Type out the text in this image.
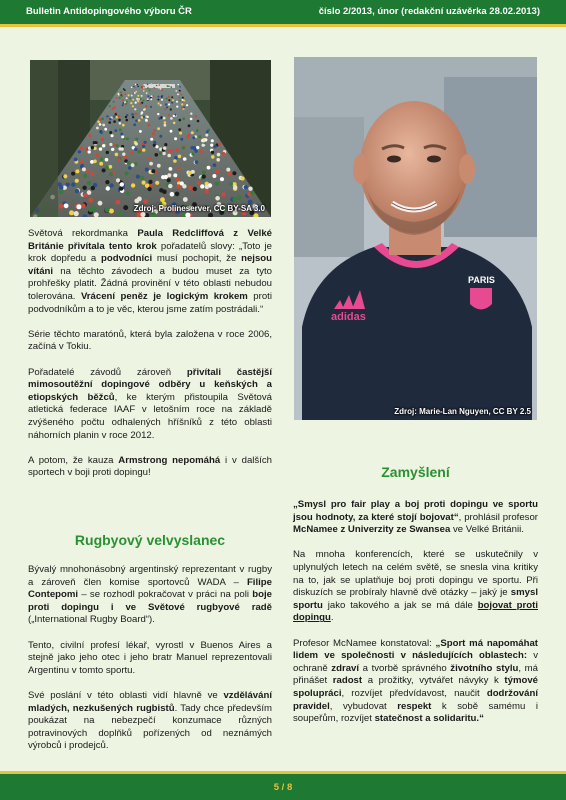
Bulletin Antidopingového výboru ČR	číslo 2/2013, únor (redakční uzávěrka 28.02.2013)
Zdroj: Prolineserver, CC BY-SA 3.0
adidas
PARIS
Zdroj: Marie-Lan Nguyen, CC BY 2.5

Světová rekordmanka Paula Redcliffová z Velké Británie přivítala tento krok pořadatelů slovy: „Toto je krok dopředu a podvodníci musí pochopit, že nejsou vítáni na těchto závodech a budou muset za tyto prohřešky platit. Žádná provinění v této oblasti nebudou tolerována. Vrácení peněz je logickým krokem proti podvodníkům a to je věc, kterou jsme zatím postrádali.“

Série těchto maratónů, která byla založena v roce 2006, začíná v Tokiu.

Pořadatelé závodů zároveň přivítali častější mimosoutěžní dopingové odběry u keňských a etiopských běžců, ke kterým přistoupila Světová atletická federace IAAF v letošním roce na základě zvýšeného počtu odhalených hříšníků z této oblasti náhorních planin v roce 2012.

A potom, že kauza Armstrong nepomáhá i v dalších sportech v boji proti dopingu!

Rugbyový velvyslanec

Bývalý mnohonásobný argentinský reprezentant v rugby a zároveň člen komise sportovců WADA – Filipe Contepomi – se rozhodl pokračovat v práci na poli boje proti dopingu i ve Světové rugbyové radě („International Rugby Board“).

Tento, civilní profesí lékař, vyrostl v Buenos Aires a stejně jako jeho otec i jeho bratr Manuel reprezentovali Argentinu v tomto sportu.

Své poslání v této oblasti vidí hlavně ve vzdělávání mladých, nezkušených rugbistů. Tady chce především poukázat na nebezpečí konzumace různých potravinových doplňků pořízených od neznámých výrobců i prodejců.

Zamyšlení

„Smysl pro fair play a boj proti dopingu ve sportu jsou hodnoty, za které stojí bojovat“, prohlásil profesor McNamee z Univerzity ze Swansea ve Velké Británii.

Na mnoha konferencích, které se uskutečnily v uplynulých letech na celém světě, se snesla vina kritiky na to, jak se uplatňuje boj proti dopingu ve sportu. Při diskuzích se probíraly hlavně dvě otázky – jaký je smysl sportu jako takového a jak se má dále bojovat proti dopingu.

Profesor McNamee konstatoval: „Sport má napomáhat lidem ve společnosti v následujících oblastech: v ochraně zdraví a tvorbě správného životního stylu, má přinášet radost a prožitky, vytvářet návyky k týmové spolupráci, rozvíjet předvídavost, naučit dodržování pravidel, vybudovat respekt k sobě samému i soupeřům, rozvíjet statečnost a solidaritu.“

5 / 8
